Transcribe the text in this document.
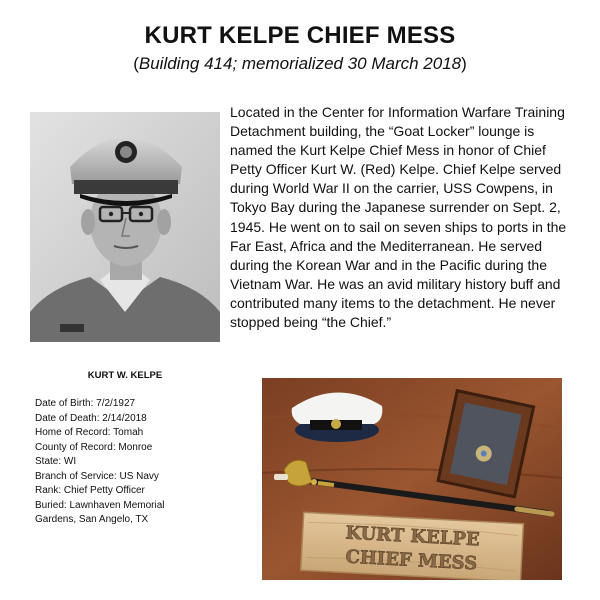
KURT KELPE CHIEF MESS

(Building 414; memorialized 30 March 2018)

KURT W. KELPE
Date of Birth: 7/2/1927
Date of Death: 2/14/2018
Home of Record: Tomah
County of Record: Monroe
State: WI
Branch of Service: US Navy
Rank: Chief Petty Officer
Buried: Lawnhaven Memorial
Gardens, San Angelo, TX

Located in the Center for Information Warfare Training Detachment building, the “Goat Locker” lounge is named the Kurt Kelpe Chief Mess in honor of Chief Petty Officer Kurt W. (Red) Kelpe. Chief Kelpe served during World War II on the carrier, USS Cowpens, in Tokyo Bay during the Japanese surrender on Sept. 2, 1945. He went on to sail on seven ships to ports in the Far East, Africa and the Mediterranean. He served during the Korean War and in the Pacific during the Vietnam War. He was an avid military history buff and contributed many items to the detachment. He never stopped being “the Chief.”

KURT KELPE
CHIEF MESS
